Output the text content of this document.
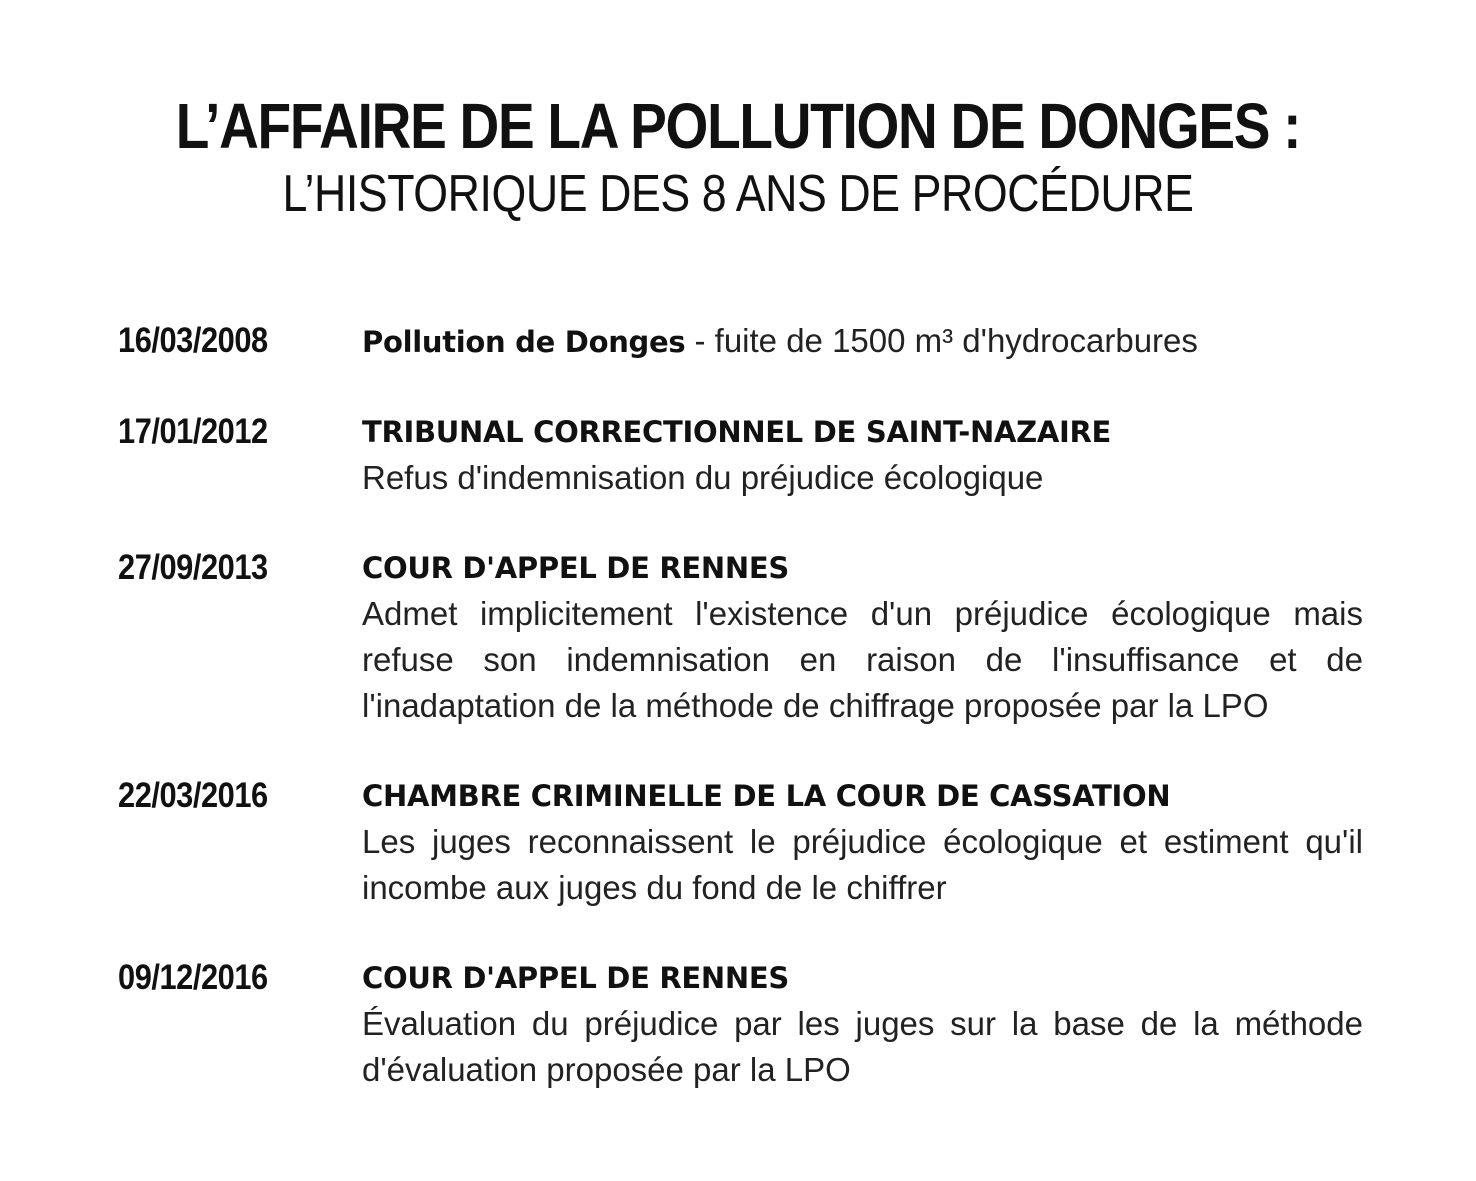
L’AFFAIRE DE LA POLLUTION DE DONGES :
L’HISTORIQUE DES 8 ANS DE PROCÉDURE
16/03/2008	Pollution de Donges - fuite de 1500 m³ d'hydrocarbures
17/01/2012	TRIBUNAL CORRECTIONNEL DE SAINT-NAZAIRE
Refus d'indemnisation du préjudice écologique
27/09/2013	COUR D'APPEL DE RENNES
Admet implicitement l'existence d'un préjudice écologique mais refuse son indemnisation en raison de l'insuffisance et de l'inadaptation de la méthode de chiffrage proposée par la LPO
22/03/2016	CHAMBRE CRIMINELLE DE LA COUR DE CASSATION
Les juges reconnaissent le préjudice écologique et estiment qu'il incombe aux juges du fond de le chiffrer
09/12/2016	COUR D'APPEL DE RENNES
Évaluation du préjudice par les juges sur la base de la méthode d'évaluation proposée par la LPO
